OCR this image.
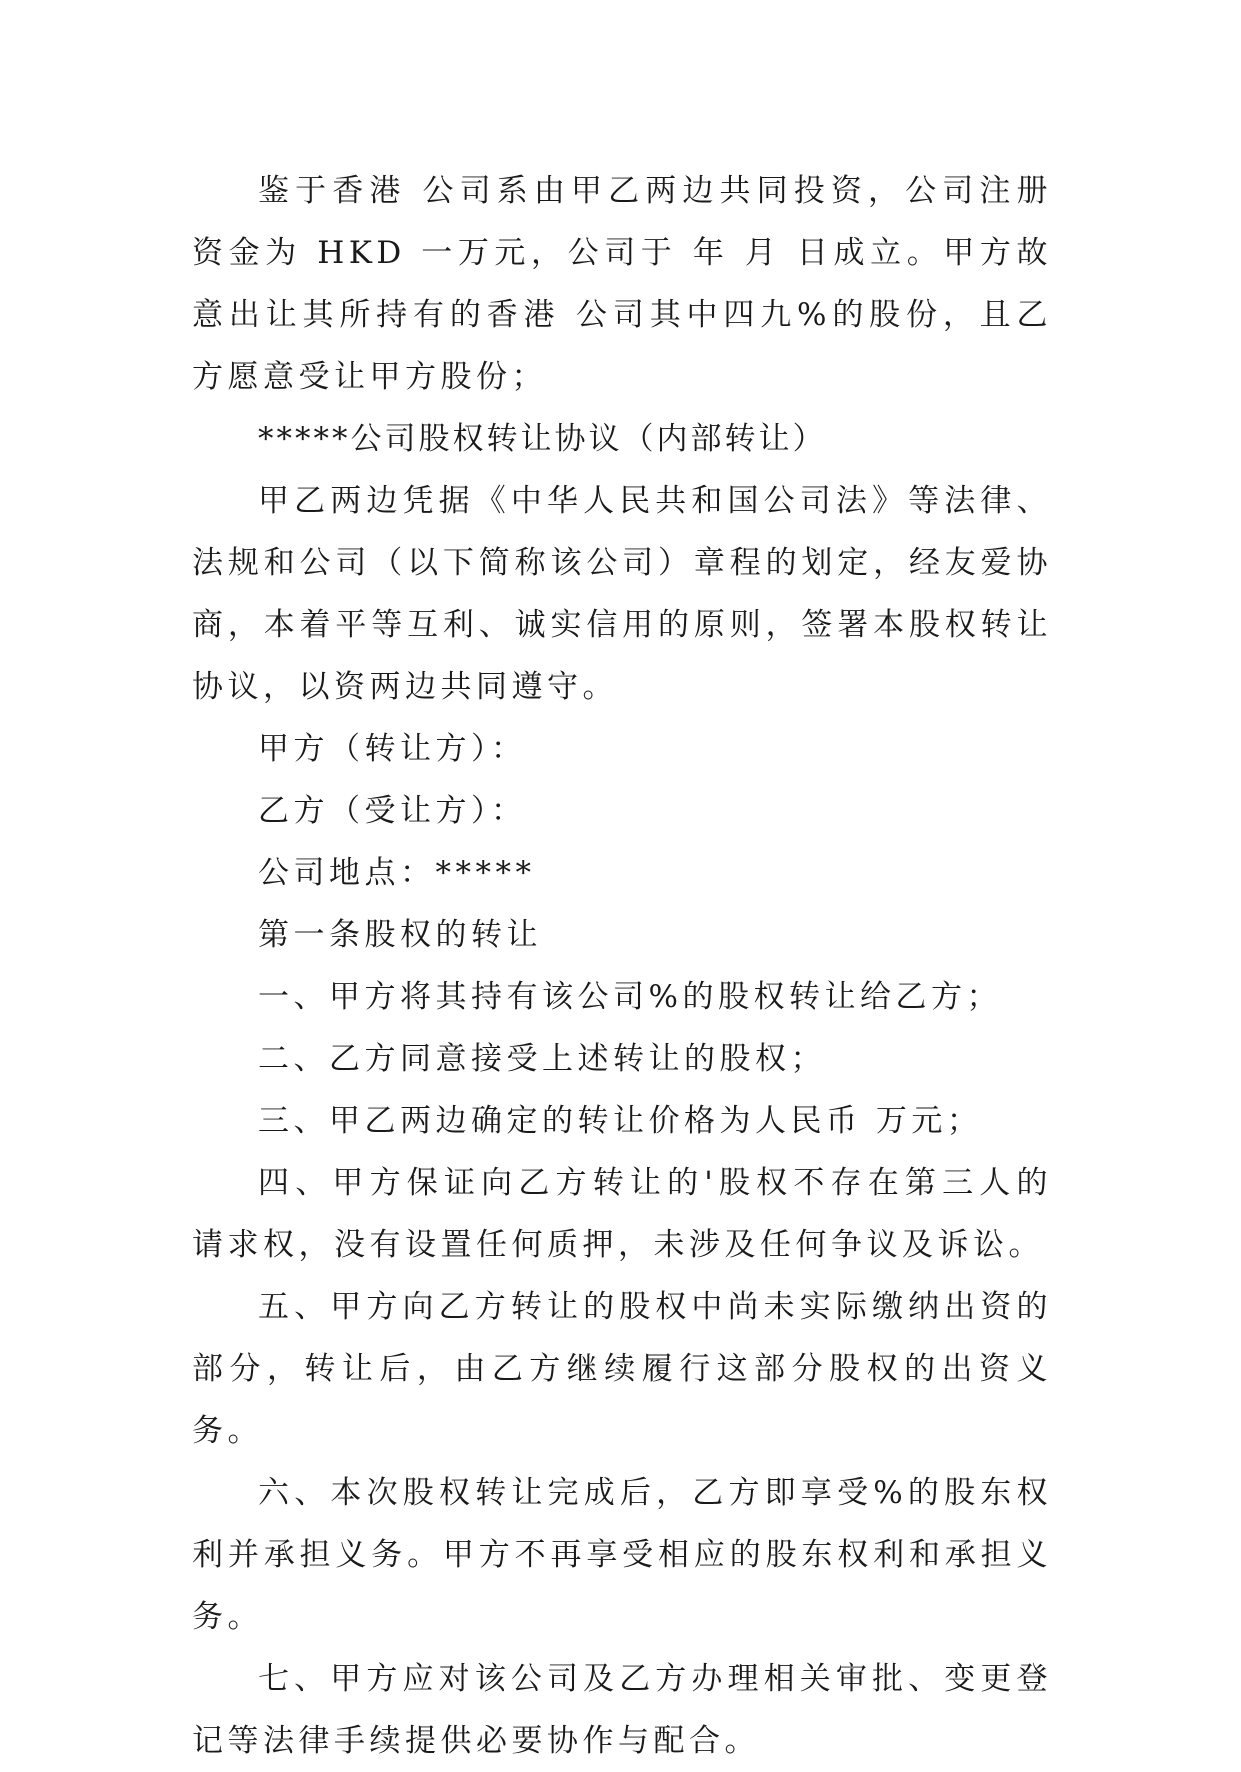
鉴于香港 公司系由甲乙两边共同投资，公司注册资金为 HKD 一万元，公司于 年 月 日成立。甲方故意出让其所持有的香港 公司其中四九%的股份，且乙方愿意受让甲方股份；

*****公司股权转让协议（内部转让）

甲乙两边凭据《中华人民共和国公司法》等法律、法规和公司（以下简称该公司）章程的划定，经友爱协商，本着平等互利、诚实信用的原则，签署本股权转让协议，以资两边共同遵守。

甲方（转让方）：

乙方（受让方）：

公司地点：*****

第一条股权的转让

一、甲方将其持有该公司%的股权转让给乙方；

二、乙方同意接受上述转让的股权；

三、甲乙两边确定的转让价格为人民币 万元；

四、甲方保证向乙方转让的'股权不存在第三人的请求权，没有设置任何质押，未涉及任何争议及诉讼。

五、甲方向乙方转让的股权中尚未实际缴纳出资的部分，转让后，由乙方继续履行这部分股权的出资义务。

六、本次股权转让完成后，乙方即享受%的股东权利并承担义务。甲方不再享受相应的股东权利和承担义务。

七、甲方应对该公司及乙方办理相关审批、变更登记等法律手续提供必要协作与配合。
